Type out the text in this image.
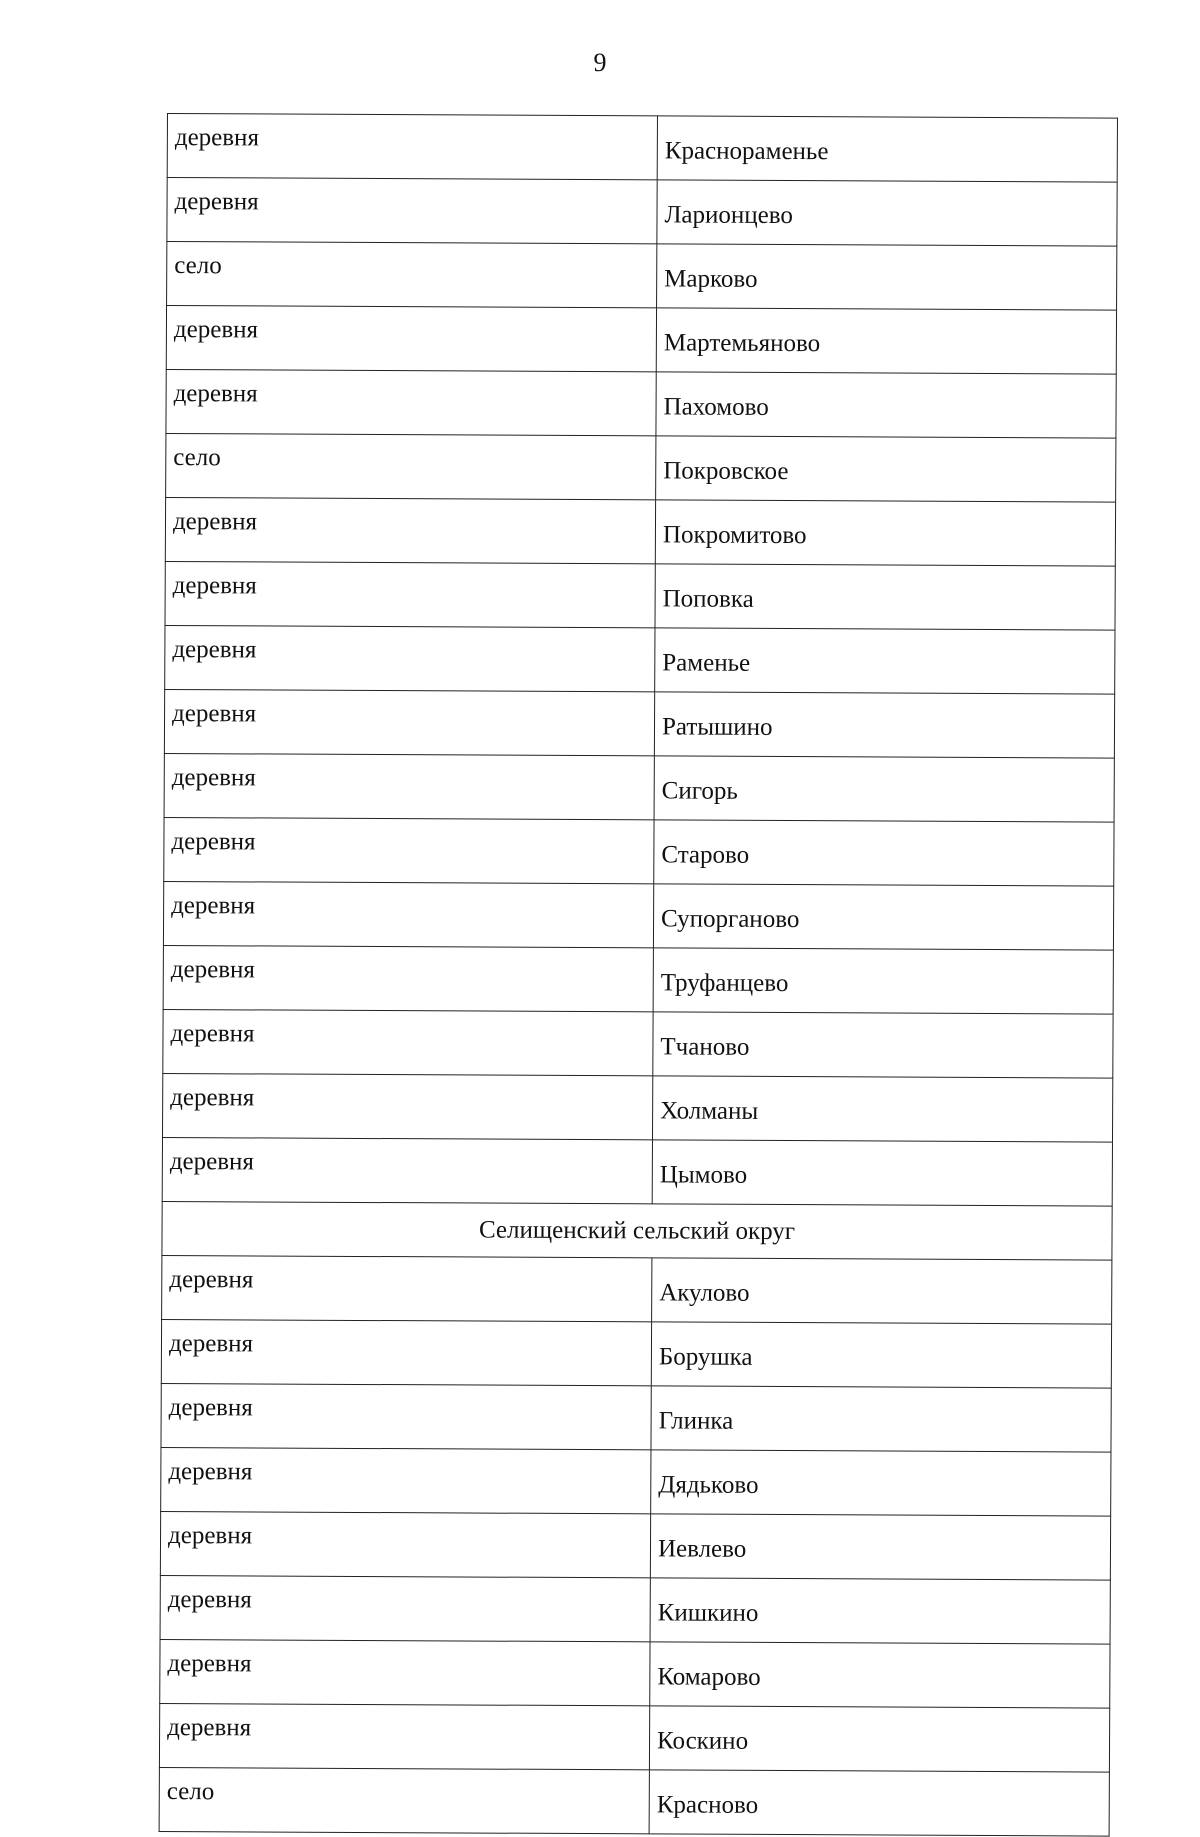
9
деревня	Краснораменье
деревня	Ларионцево
село	Марково
деревня	Мартемьяново
деревня	Пахомово
село	Покровское
деревня	Покромитово
деревня	Поповка
деревня	Раменье
деревня	Ратышино
деревня	Сигорь
деревня	Старово
деревня	Супорганово
деревня	Труфанцево
деревня	Тчаново
деревня	Холманы
деревня	Цымово
Селищенский сельский округ	
деревня	Акулово
деревня	Борушка
деревня	Глинка
деревня	Дядьково
деревня	Иевлево
деревня	Кишкино
деревня	Комарово
деревня	Коскино
село	Красново
